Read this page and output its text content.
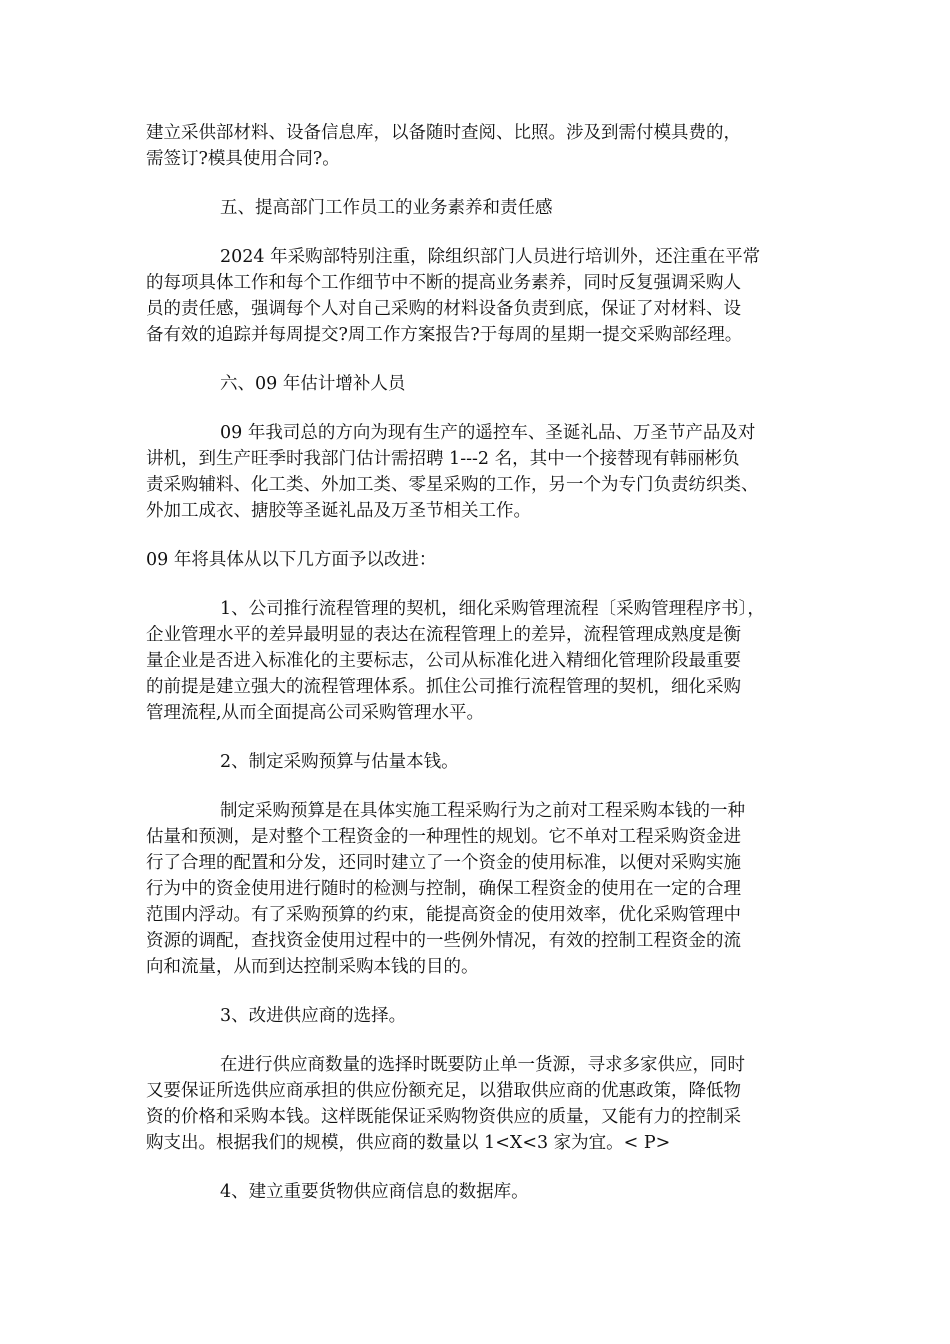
建立采供部材料、设备信息库，以备随时查阅、比照。涉及到需付模具费的，
需签订?模具使用合同?。
五、提高部门工作员工的业务素养和责任感
2024 年采购部特别注重，除组织部门人员进行培训外，还注重在平常
的每项具体工作和每个工作细节中不断的提高业务素养，同时反复强调采购人
员的责任感，强调每个人对自己采购的材料设备负责到底，保证了对材料、设
备有效的追踪并每周提交?周工作方案报告?于每周的星期一提交采购部经理。
六、09 年估计增补人员
09 年我司总的方向为现有生产的遥控车、圣诞礼品、万圣节产品及对
讲机，到生产旺季时我部门估计需招聘 1---2 名，其中一个接替现有韩丽彬负
责采购辅料、化工类、外加工类、零星采购的工作，另一个为专门负责纺织类、
外加工成衣、搪胶等圣诞礼品及万圣节相关工作。
09 年将具体从以下几方面予以改进：
1、公司推行流程管理的契机，细化采购管理流程〔采购管理程序书〕，
企业管理水平的差异最明显的表达在流程管理上的差异，流程管理成熟度是衡
量企业是否进入标准化的主要标志，公司从标准化进入精细化管理阶段最重要
的前提是建立强大的流程管理体系。抓住公司推行流程管理的契机，细化采购
管理流程,从而全面提高公司采购管理水平。
2、制定采购预算与估量本钱。
制定采购预算是在具体实施工程采购行为之前对工程采购本钱的一种
估量和预测，是对整个工程资金的一种理性的规划。它不单对工程采购资金进
行了合理的配置和分发，还同时建立了一个资金的使用标准，以便对采购实施
行为中的资金使用进行随时的检测与控制，确保工程资金的使用在一定的合理
范围内浮动。有了采购预算的约束，能提高资金的使用效率，优化采购管理中
资源的调配，查找资金使用过程中的一些例外情况，有效的控制工程资金的流
向和流量，从而到达控制采购本钱的目的。
3、改进供应商的选择。
在进行供应商数量的选择时既要防止单一货源，寻求多家供应，同时
又要保证所选供应商承担的供应份额充足，以猎取供应商的优惠政策，降低物
资的价格和采购本钱。这样既能保证采购物资供应的质量，又能有力的控制采
购支出。根据我们的规模，供应商的数量以 1<X<3 家为宜。< P>
4、建立重要货物供应商信息的数据库。
